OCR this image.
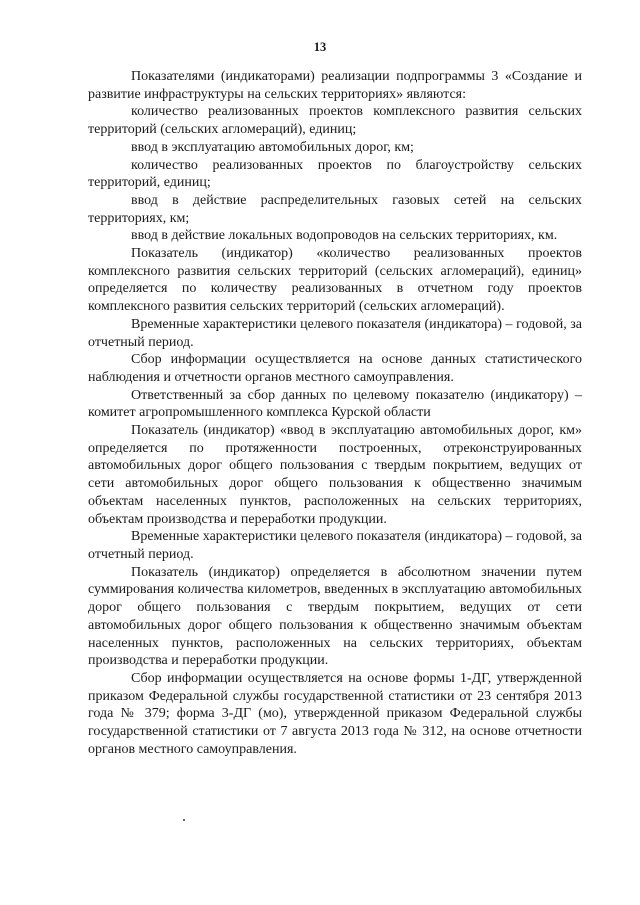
13

Показателями (индикаторами) реализации подпрограммы 3 «Создание и развитие инфраструктуры на сельских территориях» являются:

количество реализованных проектов комплексного развития сельских территорий (сельских агломераций), единиц;

ввод в эксплуатацию автомобильных дорог, км;

количество реализованных проектов по благоустройству сельских территорий, единиц;

ввод в действие распределительных газовых сетей на сельских территориях, км;

ввод в действие локальных водопроводов на сельских территориях, км.

Показатель (индикатор) «количество реализованных проектов комплексного развития сельских территорий (сельских агломераций), единиц» определяется по количеству реализованных в отчетном году проектов комплексного развития сельских территорий (сельских агломераций).

Временные характеристики целевого показателя (индикатора) – годовой, за отчетный период.

Сбор информации осуществляется на основе данных статистического наблюдения и отчетности органов местного самоуправления.

Ответственный за сбор данных по целевому показателю (индикатору) – комитет агропромышленного комплекса Курской области

Показатель (индикатор) «ввод в эксплуатацию автомобильных дорог, км» определяется по протяженности построенных, отреконструированных автомобильных дорог общего пользования с твердым покрытием, ведущих от сети автомобильных дорог общего пользования к общественно значимым объектам населенных пунктов, расположенных на сельских территориях, объектам производства и переработки продукции.

Временные характеристики целевого показателя (индикатора) – годовой, за отчетный период.

Показатель (индикатор) определяется в абсолютном значении путем суммирования количества километров, введенных в эксплуатацию автомобильных дорог общего пользования с твердым покрытием, ведущих от сети автомобильных дорог общего пользования к общественно значимым объектам населенных пунктов, расположенных на сельских территориях, объектам производства и переработки продукции.

Сбор информации осуществляется на основе формы 1-ДГ, утвержденной приказом Федеральной службы государственной статистики от 23 сентября 2013 года № 379; форма 3-ДГ (мо), утвержденной приказом Федеральной службы государственной статистики от 7 августа 2013 года № 312, на основе отчетности органов местного самоуправления.
